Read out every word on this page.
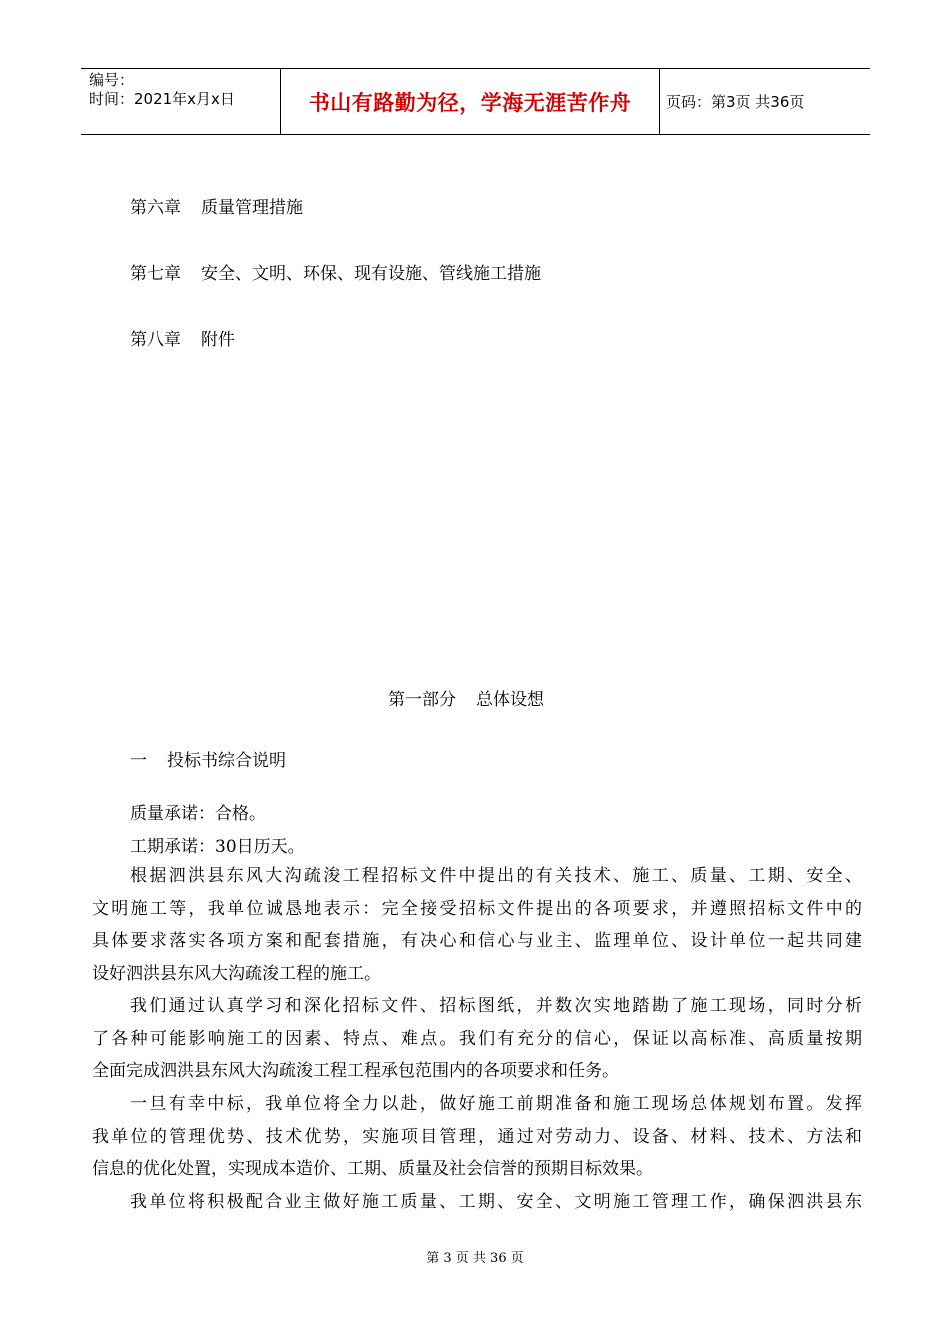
编号：
时间：2021年x月x日	书山有路勤为径，学海无涯苦作舟	页码：第3页 共36页
第六章 质量管理措施
第七章 安全、文明、环保、现有设施、管线施工措施
第八章 附件
第一部分 总体设想
一 投标书综合说明
质量承诺：合格。
工期承诺：30日历天。
根据泗洪县东风大沟疏浚工程招标文件中提出的有关技术、施工、质量、工期、安全、
文明施工等，我单位诚恳地表示：完全接受招标文件提出的各项要求，并遵照招标文件中的
具体要求落实各项方案和配套措施，有决心和信心与业主、监理单位、设计单位一起共同建
设好泗洪县东风大沟疏浚工程的施工。
我们通过认真学习和深化招标文件、招标图纸，并数次实地踏勘了施工现场，同时分析
了各种可能影响施工的因素、特点、难点。我们有充分的信心，保证以高标准、高质量按期
全面完成泗洪县东风大沟疏浚工程工程承包范围内的各项要求和任务。
一旦有幸中标，我单位将全力以赴，做好施工前期准备和施工现场总体规划布置。发挥
我单位的管理优势、技术优势，实施项目管理，通过对劳动力、设备、材料、技术、方法和
信息的优化处置，实现成本造价、工期、质量及社会信誉的预期目标效果。
我单位将积极配合业主做好施工质量、工期、安全、文明施工管理工作，确保泗洪县东
第 3 页 共 36 页
